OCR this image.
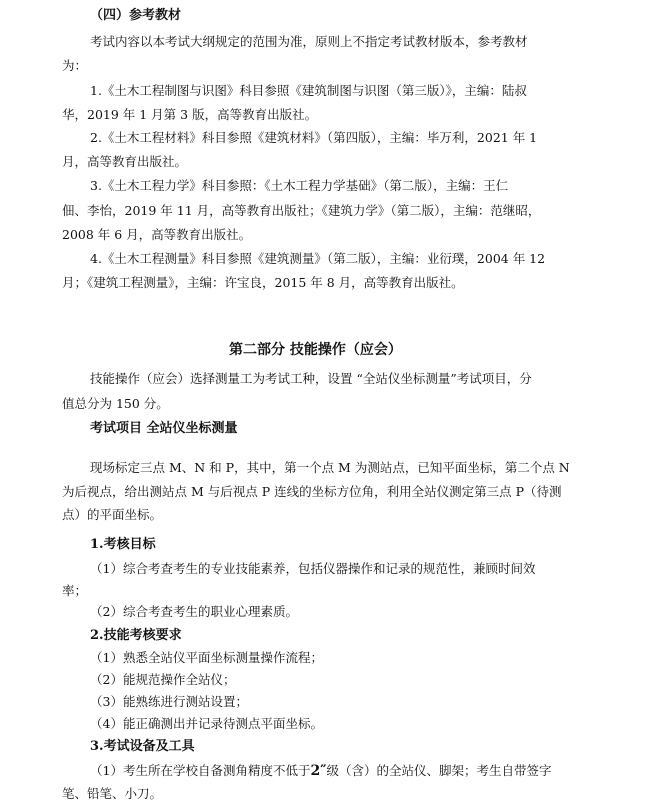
（四）参考教材
考试内容以本考试大纲规定的范围为准，原则上不指定考试教材版本，参考教材
为：
1.《土木工程制图与识图》科目参照《建筑制图与识图（第三版）》，主编：陆叔
华，2019 年 1 月第 3 版，高等教育出版社。
2.《土木工程材料》科目参照《建筑材料》（第四版），主编：毕万利，2021 年 1
月，高等教育出版社。
3.《土木工程力学》科目参照：《土木工程力学基础》（第二版），主编：王仁
佃、李怡，2019 年 11 月，高等教育出版社；《建筑力学》（第二版），主编：范继昭，
2008 年 6 月，高等教育出版社。
4.《土木工程测量》科目参照《建筑测量》（第二版），主编：业衍璞，2004 年 12
月；《建筑工程测量》，主编：许宝良，2015 年 8 月，高等教育出版社。
第二部分 技能操作（应会）
技能操作（应会）选择测量工为考试工种，设置 “全站仪坐标测量”考试项目，分
值总分为 150 分。
考试项目 全站仪坐标测量
现场标定三点 M、N 和 P，其中，第一个点 M 为测站点，已知平面坐标，第二个点 N
为后视点，给出测站点 M 与后视点 P 连线的坐标方位角，利用全站仪测定第三点 P（待测
点）的平面坐标。
1.考核目标
（1）综合考查考生的专业技能素养，包括仪器操作和记录的规范性，兼顾时间效
率；
（2）综合考查考生的职业心理素质。
2.技能考核要求
（1）熟悉全站仪平面坐标测量操作流程；
（2）能规范操作全站仪；
（3）能熟练进行测站设置；
（4）能正确测出并记录待测点平面坐标。
3.考试设备及工具
（1）考生所在学校自备测角精度不低于2″级（含）的全站仪、脚架；考生自带签字
笔、铅笔、小刀。
